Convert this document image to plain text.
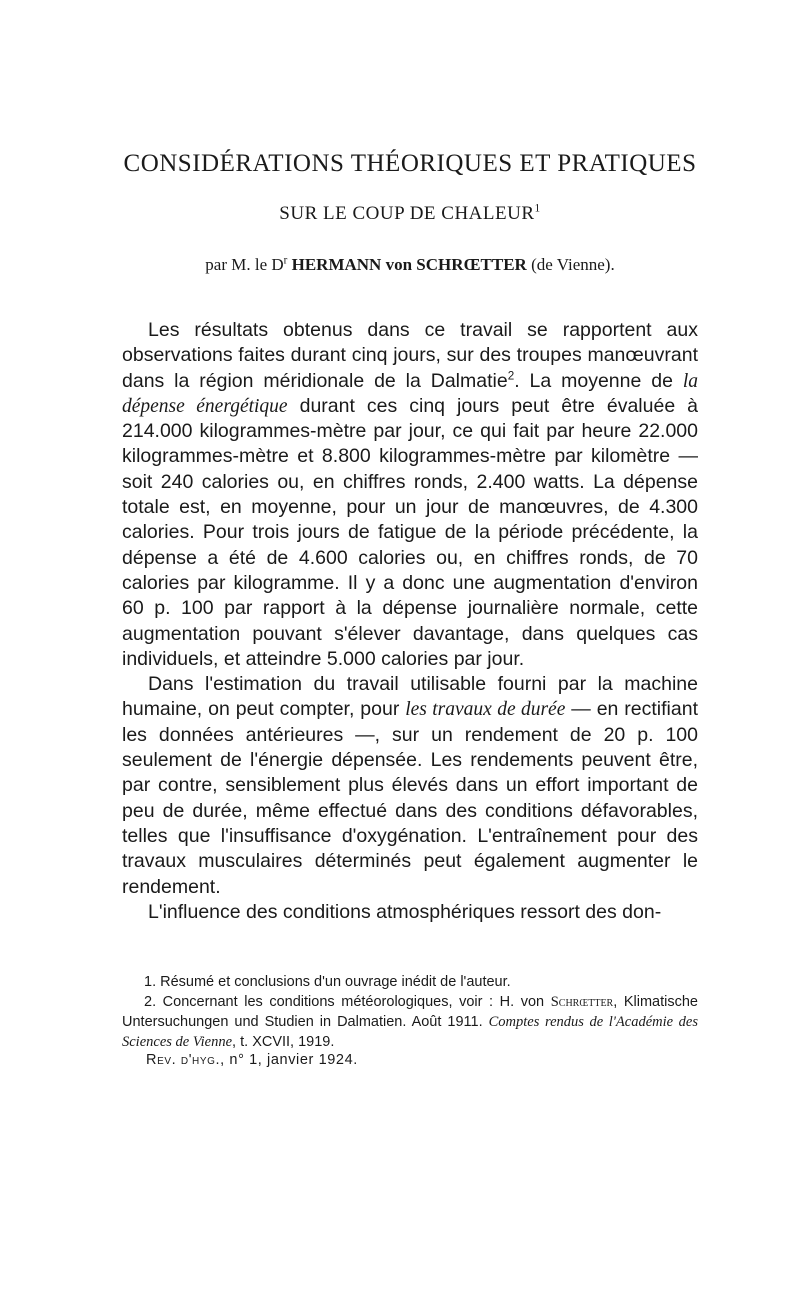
CONSIDÉRATIONS THÉORIQUES ET PRATIQUES
SUR LE COUP DE CHALEUR$^1$
par M. le $D^r$ HERMANN von SCHRŒTTER (de Vienne).

Les résultats obtenus dans ce travail se rapportent aux observations faites durant cinq jours, sur des troupes manœuvrant dans la région méridionale de la Dalmatie$^2$. La moyenne de la dépense énergétique durant ces cinq jours peut être évaluée à 214.000 kilogrammes-mètre par jour, ce qui fait par heure 22.000 kilogrammes-mètre et 8.800 kilogrammes-mètre par kilomètre — soit 240 calories ou, en chiffres ronds, 2.400 watts. La dépense totale est, en moyenne, pour un jour de manœuvres, de 4.300 calories. Pour trois jours de fatigue de la période précédente, la dépense a été de 4.600 calories ou, en chiffres ronds, de 70 calories par kilogramme. Il y a donc une augmentation d'environ 60 p. 100 par rapport à la dépense journalière normale, cette augmentation pouvant s'élever davantage, dans quelques cas individuels, et atteindre 5.000 calories par jour.

Dans l'estimation du travail utilisable fourni par la machine humaine, on peut compter, pour les travaux de durée — en rectifiant les données antérieures —, sur un rendement de 20 p. 100 seulement de l'énergie dépensée. Les rendements peuvent être, par contre, sensiblement plus élevés dans un effort important de peu de durée, même effectué dans des conditions défavorables, telles que l'insuffisance d'oxygénation. L'entraînement pour des travaux musculaires déterminés peut également augmenter le rendement.

L'influence des conditions atmosphériques ressort des don-

1. Résumé et conclusions d'un ouvrage inédit de l'auteur.

2. Concernant les conditions météorologiques, voir : H. von Schrœtter, Klimatische Untersuchungen und Studien in Dalmatien. Août 1911. Comptes rendus de l'Académie des Sciences de Vienne, t. XCVII, 1919.

Rev. d'hyg., n° 1, janvier 1924.
